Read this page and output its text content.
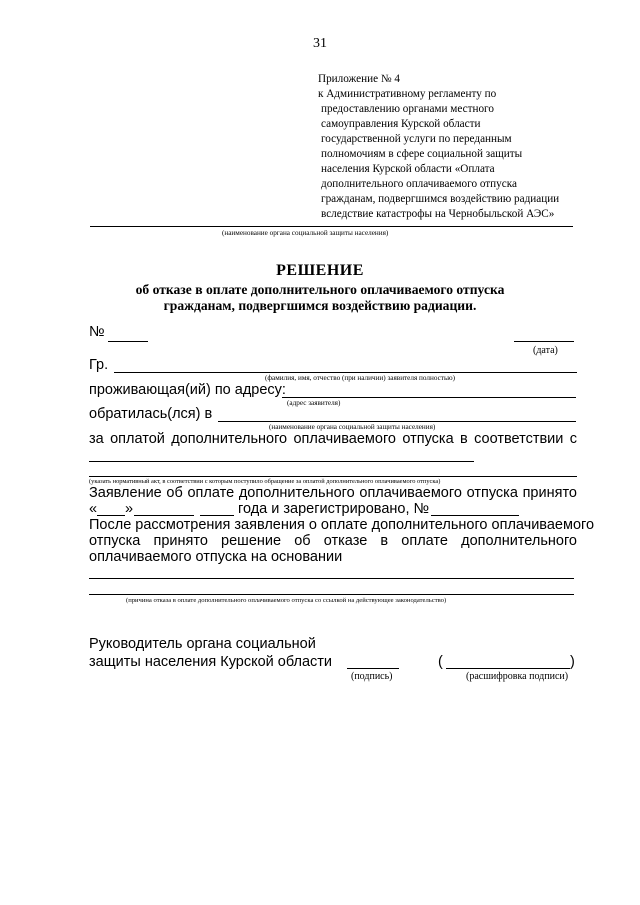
31
Приложение № 4
к Административному регламенту по
предоставлению органами местного
самоуправления Курской области
государственной услуги по переданным
полномочиям в сфере социальной защиты
населения Курской области «Оплата
дополнительного оплачиваемого отпуска
гражданам, подвергшимся воздействию радиации
вследствие катастрофы на Чернобыльской АЭС»
(наименование органа социальной защиты населения)
РЕШЕНИЕ
об отказе в оплате дополнительного оплачиваемого отпуска
гражданам, подвергшимся воздействию радиации.
№
(дата)
Гр.
(фамилия, имя, отчество (при наличии) заявителя полностью)
проживающая(ий) по адресу:
(адрес заявителя)
обратилась(лся) в
(наименование органа социальной защиты населения)
за оплатой дополнительного оплачиваемого отпуска в соответствии с
(указать нормативный акт, в соответствии с которым поступило обращение за оплатой дополнительного оплачиваемого отпуска)
Заявление об оплате дополнительного оплачиваемого отпуска принято
« »	года и зарегистрировано, №
После рассмотрения заявления о оплате дополнительного оплачиваемого
отпуска принято решение об отказе в оплате дополнительного
оплачиваемого отпуска на основании
(причина отказа в оплате дополнительного оплачиваемого отпуска со ссылкой на действующее законодательство)
Руководитель органа социальной
защиты населения Курской области	(	)
(подпись)	(расшифровка подписи)
